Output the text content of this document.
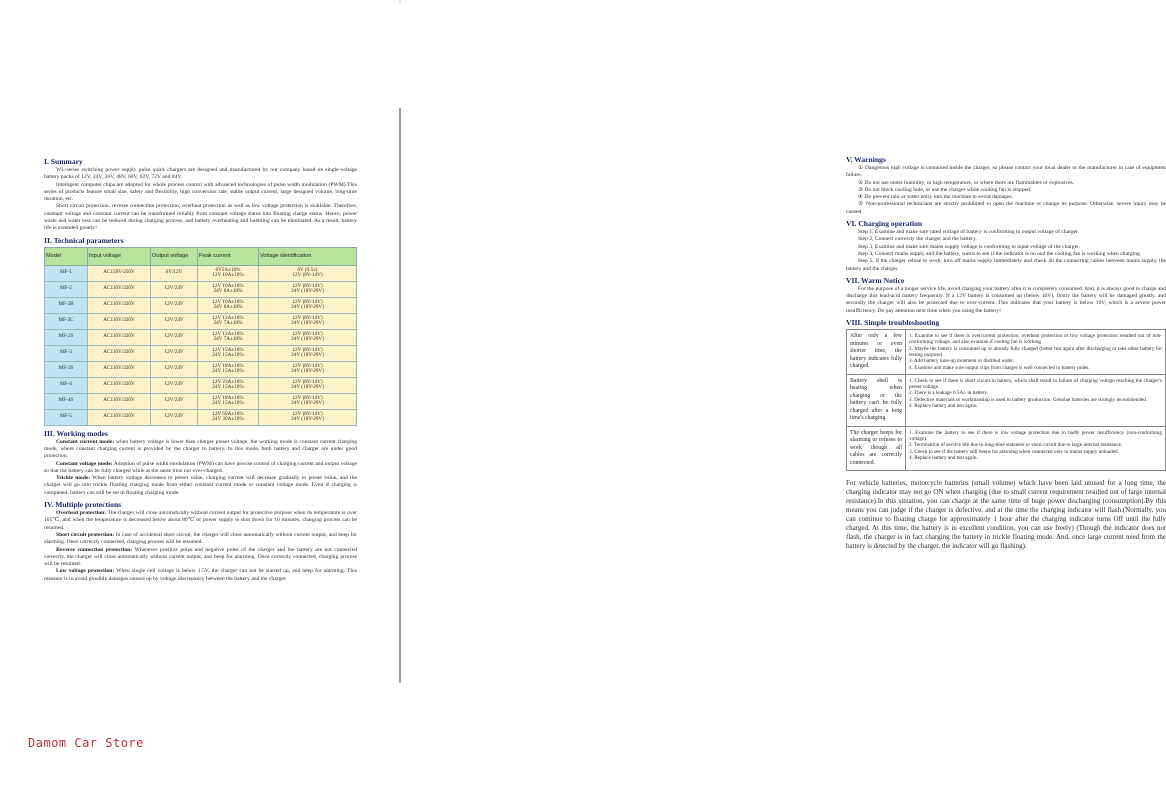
I. Summary

WL-series switching power supply pulse quick chargers are designed and manufactured by our company based on single-voltage battery packs of 12V, 24V, 36V, 48V, 60V, 62V, 72V and 84V.

Intelligent computer chips are adopted for whole process control with advanced technologies of pulse width modulation (PWM).This series of products feature small size, safety and flexibility, high conversion rate, stable output current, large designed volume, long-time duration, etc.

Short circuit protection, reverse connection protection, overheat protection as well as low voltage protection is available. Therefore, constant voltage and constant current can be transformed reliably from constant voltage status into floating charge status. Hence, power waste and water loss can be reduced during charging process, and battery overheating and bubbling can be eliminated. As a result, battery life is extended greatly!

II. Technical parameters
Model	Input voltage	Output voltage	Peak current	Voltage identification
MF-1	AC150V-250V	6V/12V	6V5A±10%
12V 10A±10%	6V (9.5v)
12V (8V-14V)
MF-2	AC110V/220V	12V/24V	12V 10A±10%
24V 8A±10%	12V (8V-14V)
24V (18V-29V)
MF-2B	AC110V/220V	12V/24V	12V 10A±10%
24V 8A±10%	12V (8V-14V)
24V (18V-29V)
MF-2C	AC110V/220V	12V/24V	12V 12A±10%
24V 7A±10%	12V (8V-14V)
24V (18V-29V)
MF-2S	AC110V/220V	12V/24V	12V 12A±10%
24V 7A±10%	12V (8V-14V)
24V (18V-29V)
MF-3	AC110V/220V	12V/24V	12V 15A±10%
24V 15A±10%	12V (8V-14V)
24V (18V-29V)
MF-3S	AC110V/220V	12V/24V	12V 18A±10%
24V 15A±10%	12V (8V-14V)
24V (18V-29V)
MF-4	AC110V/220V	12V/24V	12V 23A±10%
24V 15A±10%	12V (8V-14V)
24V (18V-29V)
MF-4S	AC110V/220V	12V/24V	12V 18A±10%
24V 15A±10%	12V (8V-14V)
24V (18V-29V)
MF-5	AC110V/220V	12V/24V	12V 50A±10%
24V 30A±10%	12V (8V-14V)
24V (18V-29V)
III. Working modes

Constant current mode: when battery voltage is lower than charger preset voltage, the working mode is constant current charging mode, where constant charging current is provided by the charger to battery. In this mode, both battery and charger are under good protection.

Constant voltage mode: Adoption of pulse width modulation (PWM) can have precise control of charging current and output voltage so that the battery can be fully charged while at the same time not over-charged.

Trickle mode: When battery voltage decreases to preset value, charging current will decrease gradually to preset value, and the charger will go into trickle floating charging mode from either constant current mode or constant voltage mode. Even if charging is completed, battery can still be set in floating charging mode.

IV. Multiple protections

Overheat protection: The charger will close automatically without current output for protective purpose when its temperature is over 105℃, and when the temperature is decreased below about 80℃ or power supply is shut down for 10 minutes, charging process can be resumed.

Short circuit protection: In case of accidental short circuit, the charger will close automatically without current output, and beep for alarming. Once correctly connected, charging process will be resumed.

Reverse connection protection: Whenever positive poles and negative poles of the charger and the battery are not connected correctly, the charger will close automatically without current output, and beep for alarming. Once correctly connected, charging process will be resumed.

Low voltage protection: When single cell voltage is below 1.5V, the charger can not be started up, and beep for alarming. This measure is to avoid possible damages caused up by voltage discrepancy between the battery and the charger.

V. Warnings

① Dangerous high voltage is contained inside the charger, so please contact your local dealer or the manufacturer in case of equipment failure.

② Do not use under humidity, or high temperature, or where there are flammables or explosives.

③ Do not block cooling hole, or use the charger while cooling fan is stopped.

④ Do prevent rain or water entry into the machine to avoid damages.

⑤ Non-professional technicians are strictly prohibited to open the machine or change its purpose. Otherwise, severe injury may be caused.

VI. Charging operation

Step 1, Examine and make sure rated voltage of battery is conforming to output voltage of charger.

Step 2, Connect correctly the charger and the battery.

Step 3, Examine and make sure mains supply voltage is conforming to input voltage of the charger.

Step 4, Connect mains supply and the battery, watch to see if the indicator is on and the cooling fan is working when charging.

Step 5, if the charger refuse to work, turn off mains supply immediately and check all the connecting cables between mains supply, the battery and the charger.

VII. Warm Notice

For the purpose of a longer service life, avoid charging your battery after it is completely consumed. And, it is always good to charge and discharge this lead-acid battery frequently. If a 12V battery is consumed up (below 10V), firstly the battery will be damaged greatly, and secondly the charger will also be protected due to over-current. This indicates that your battery is below 10V, which is a severe power insufficiency. Do pay attention next time when you using the battery!

VIII. Simple troubleshooting
After only a few minutes or even shorter time, the battery indicates fully charged.	1. Examine to see if there is overcurrent protection, overheat protection or low voltage protection resulted out of non-conforming voltage, and also examine if cooling fan is working.
2. Maybe the battery is consumed up or already fully charged (better test again after discharging or take other battery for testing purpose).
3. Add battery tune-up treatment or distilled water.
4. Examine and make sure output clips from charger is well connected to battery poles.
Battery shell is heating when charging or the battery can't be fully charged after a long time's charging.	1. Check to see if there is short circuit in battery, which shall result in failure of charging voltage reaching the charger's preset voltage.
2. There is a leakage 0.5A≥ in battery.
3. Defective materials or workmanship is used in battery production. Genuine batteries are strongly recommended.
4. Replace battery and test again.
The charger beeps for alarming or refuses to work though all cables are correctly connected.	1. Examine the battery to see if there is low voltage protection due to badly power insufficiency (non-conforming voltage).
2. Termination of service life due to long-time staleness or short circuit due to large internal resistance.
3. Check to see if the battery still beeps for alarming when connected only to mains supply unloaded.
4. Replace battery and test again.

For vehicle batteries, motorcycle batteries (small volume) which have been laid unused for a long time, the charging indicator may not go ON when charging (due to small current requirement resulted out of large internal resistance).In this situation, you can charge at the same time of huge power discharging (consumption).By this means you can judge if the charger is defective, and at the time the charging indicator will flash.(Normally, you can continue to floating charge for approximately 1 hour after the charging indicator turns Off until the fully charged. At this time, the battery is in excellent condition, you can use freely) (Though the indicator does not flash, the charger is in fact charging the battery in trickle floating mode. And, once large current need from the battery is detected by the charger, the indicator will go flashing).

Damom Car Store
